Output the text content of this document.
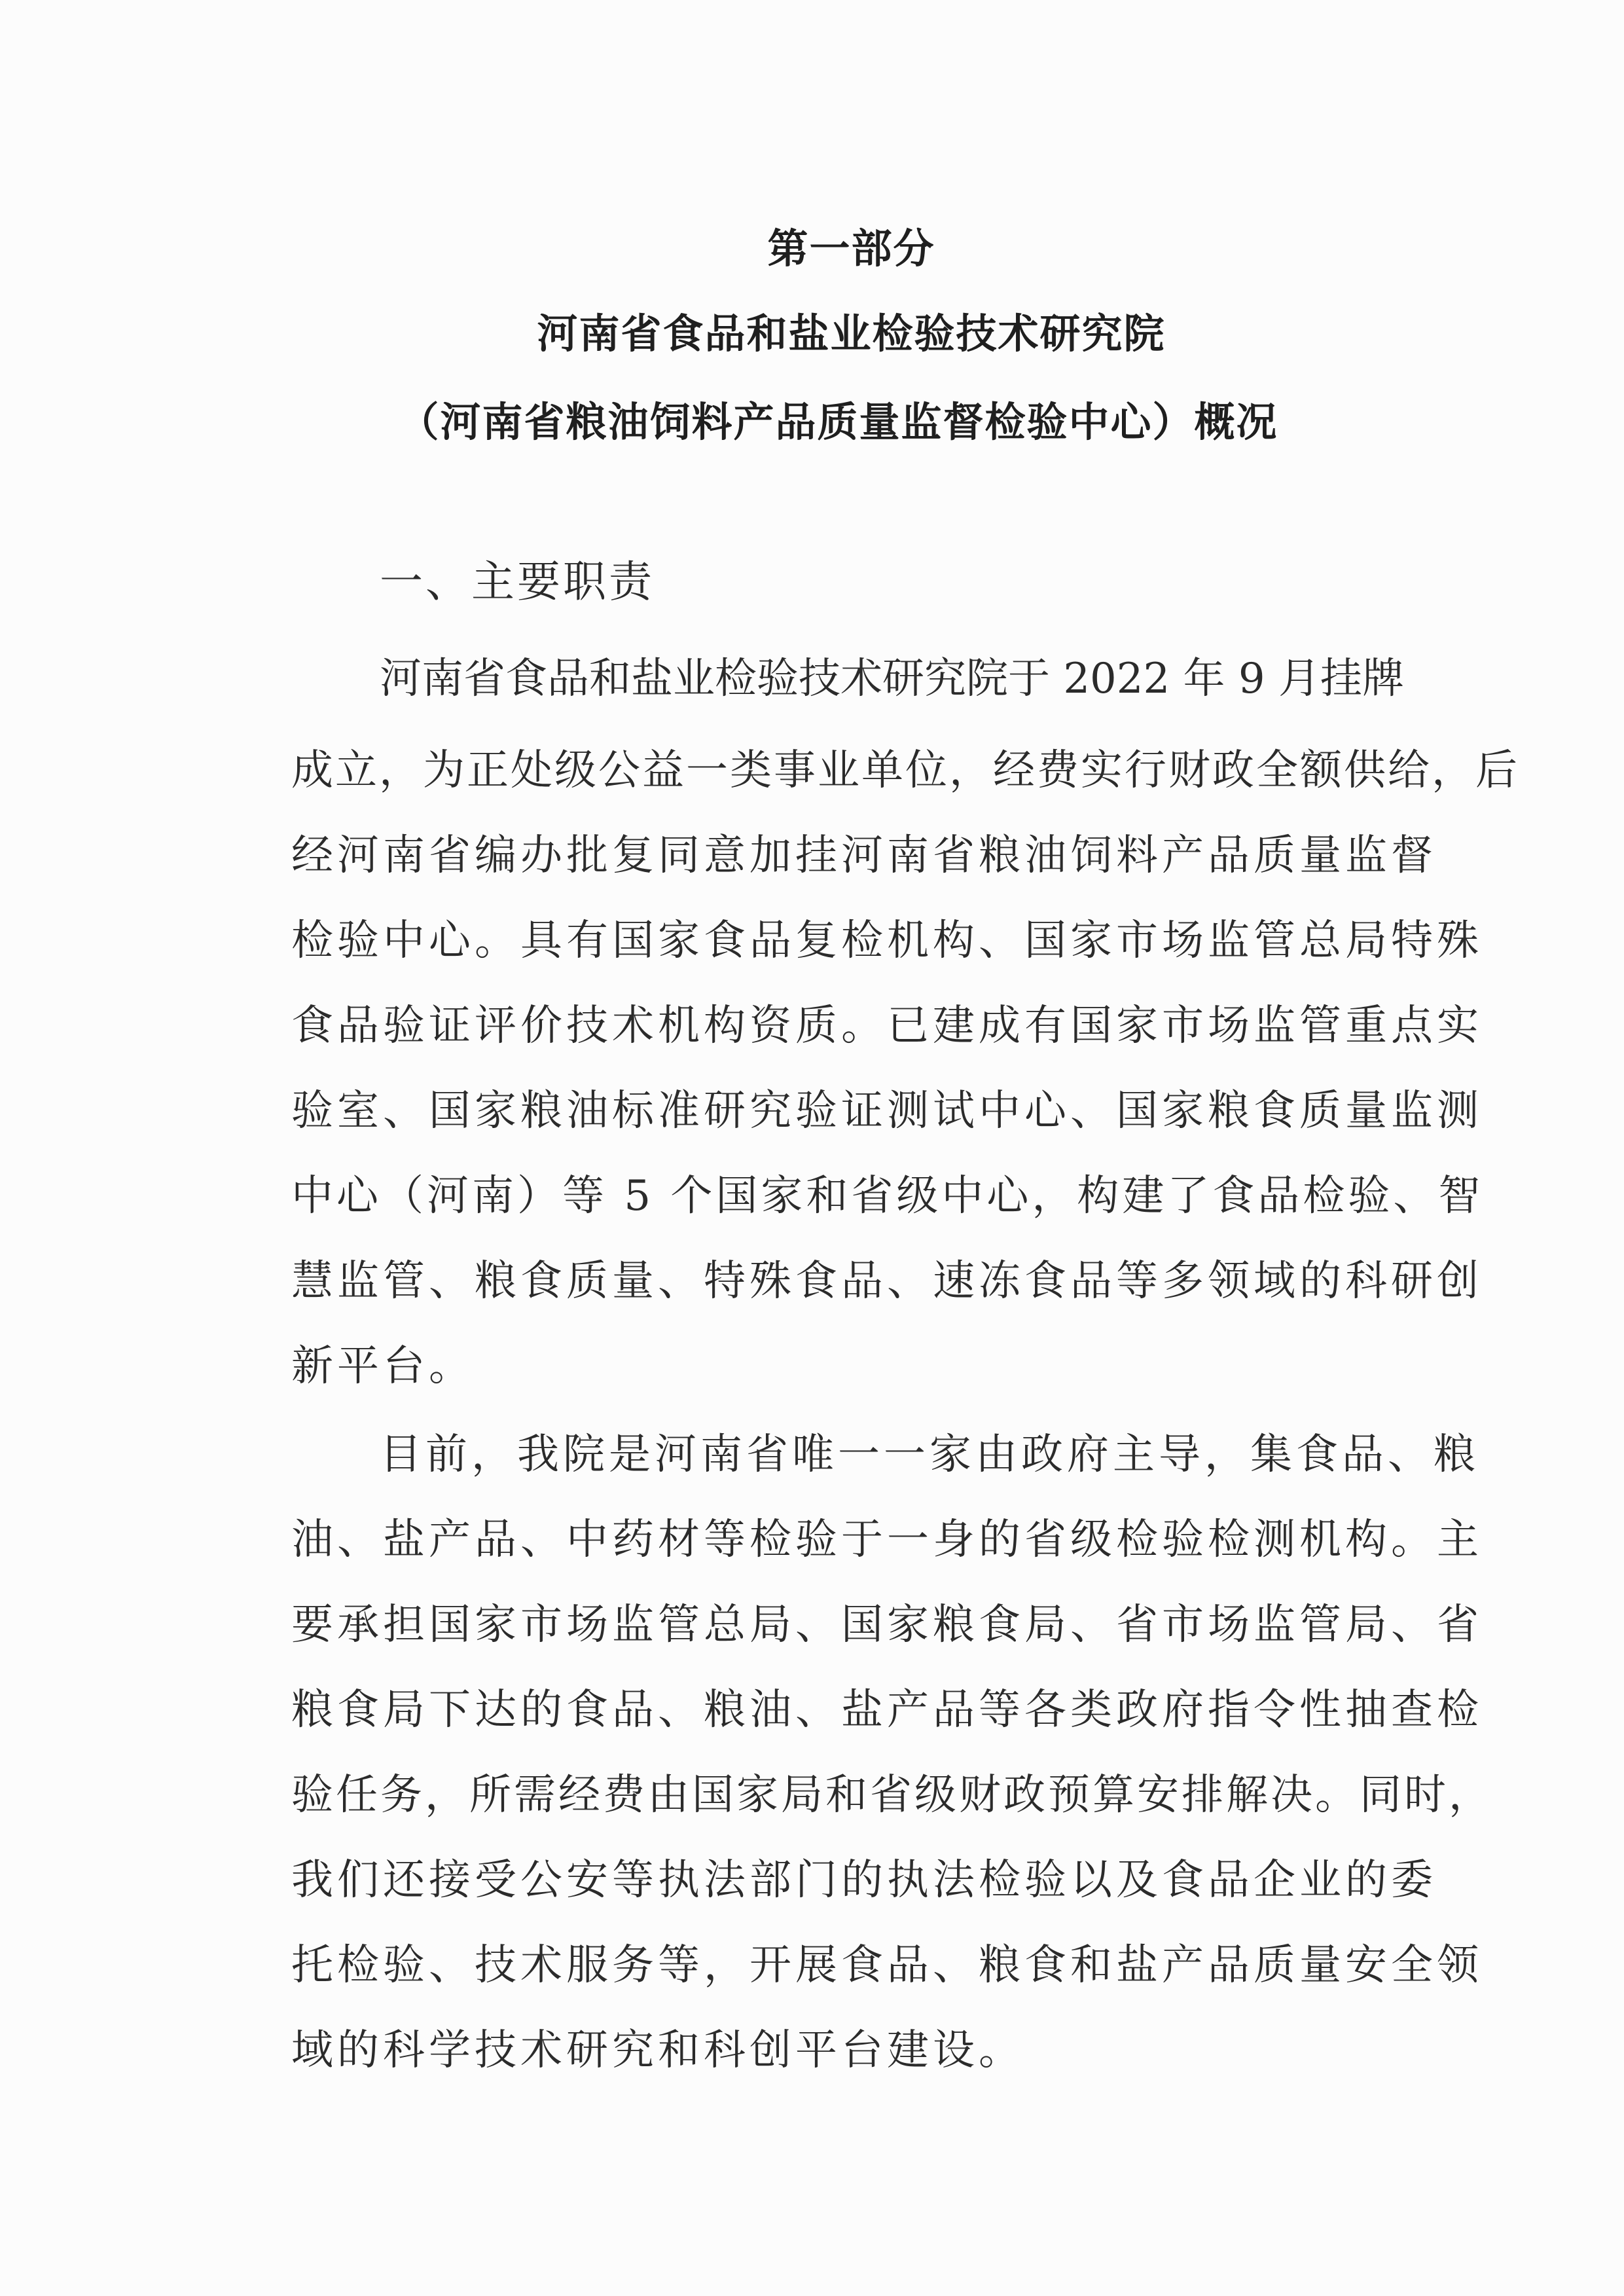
第一部分
河南省食品和盐业检验技术研究院
（河南省粮油饲料产品质量监督检验中心）概况
一、主要职责
河南省食品和盐业检验技术研究院于 2022 年 9 月挂牌
成立，为正处级公益一类事业单位，经费实行财政全额供给，后
经河南省编办批复同意加挂河南省粮油饲料产品质量监督
检验中心。具有国家食品复检机构、国家市场监管总局特殊
食品验证评价技术机构资质。已建成有国家市场监管重点实
验室、国家粮油标准研究验证测试中心、国家粮食质量监测
中心（河南）等 5 个国家和省级中心，构建了食品检验、智
慧监管、粮食质量、特殊食品、速冻食品等多领域的科研创
新平台。
目前，我院是河南省唯一一家由政府主导，集食品、粮
油、盐产品、中药材等检验于一身的省级检验检测机构。主
要承担国家市场监管总局、国家粮食局、省市场监管局、省
粮食局下达的食品、粮油、盐产品等各类政府指令性抽查检
验任务，所需经费由国家局和省级财政预算安排解决。同时，
我们还接受公安等执法部门的执法检验以及食品企业的委
托检验、技术服务等，开展食品、粮食和盐产品质量安全领
域的科学技术研究和科创平台建设。
